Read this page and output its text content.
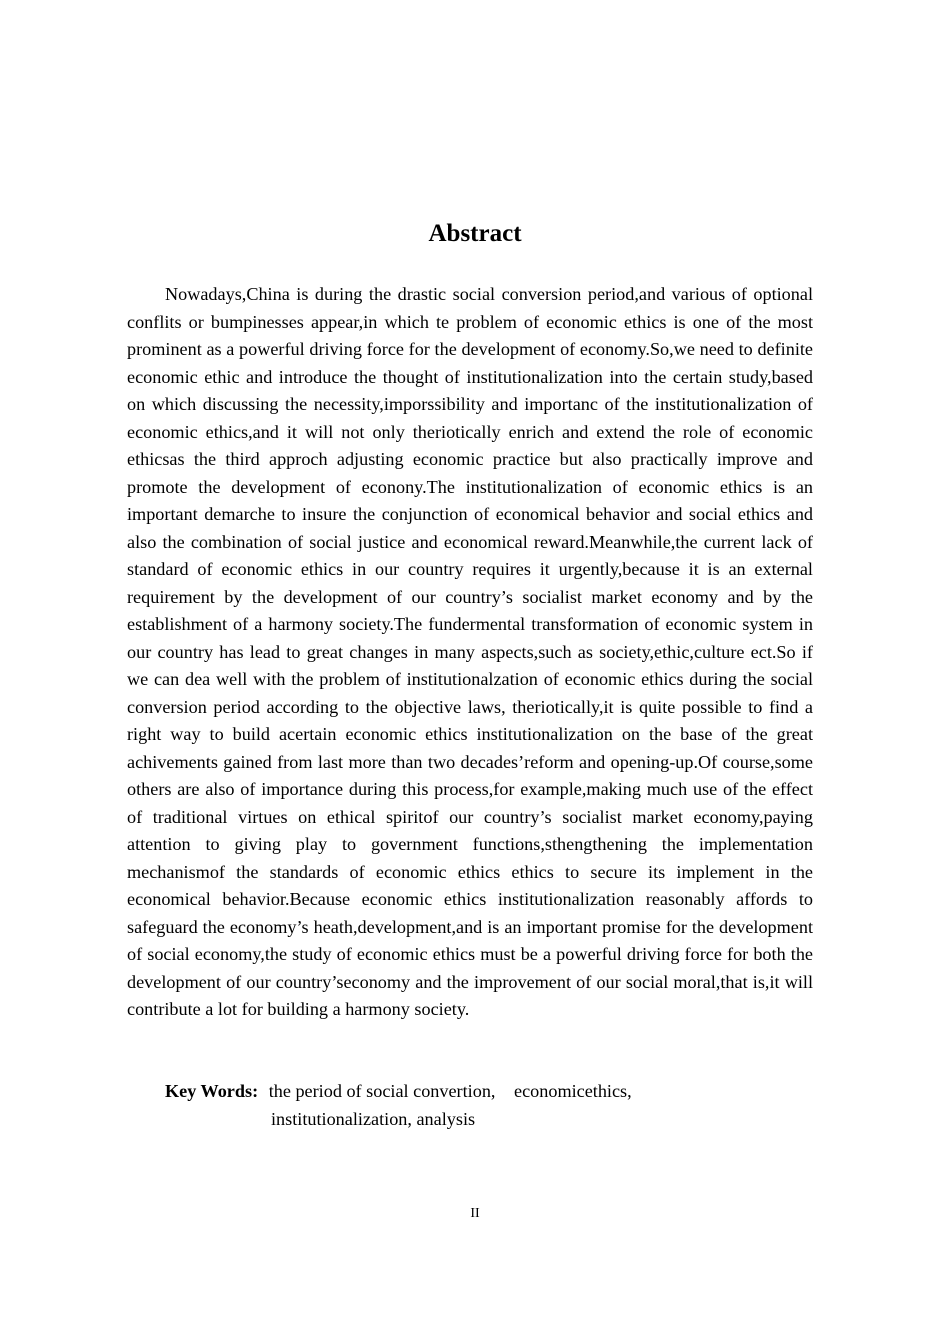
Abstract

Nowadays,China is during the drastic social conversion period,and various of optional conflits or bumpinesses appear,in which te problem of economic ethics is one of the most prominent as a powerful driving force for the development of economy.So,we need to definite economic ethic and introduce the thought of institutionalization into the certain study,based on which discussing the necessity,imporssibility and importanc of the institutionalization of economic ethics,and it will not only theriotically enrich and extend the role of economic ethicsas the third approch adjusting economic practice but also practically improve and promote the development of econony.The institutionalization of economic ethics is an important demarche to insure the conjunction of economical behavior and social ethics and also the combination of social justice and economical reward.Meanwhile,the current lack of standard of economic ethics in our country requires it urgently,because it is an external requirement by the development of our country’s socialist market economy and by the establishment of a harmony society.The fundermental transformation of economic system in our country has lead to great changes in many aspects,such as society,ethic,culture ect.So if we can dea well with the problem of institutionalzation of economic ethics during the social conversion period according to the objective laws, theriotically,it is quite possible to find a right way to build acertain economic ethics institutionalization on the base of the great achivements gained from last more than two decades’reform and opening-up.Of course,some others are also of importance during this process,for example,making much use of the effect of traditional virtues on ethical spiritof our country’s socialist market economy,paying attention to giving play to government functions,sthengthening the implementation mechanismof the standards of economic ethics ethics to secure its implement in the economical behavior.Because economic ethics institutionalization reasonably affords to safeguard the economy’s heath,development,and is an important promise for the development of social economy,the study of economic ethics must be a powerful driving force for both the development of our country’seconomy and the improvement of our social moral,that is,it will contribute a lot for building a harmony society.

Key Words: the period of social convertion, economicethics,
institutionalization, analysis
II
